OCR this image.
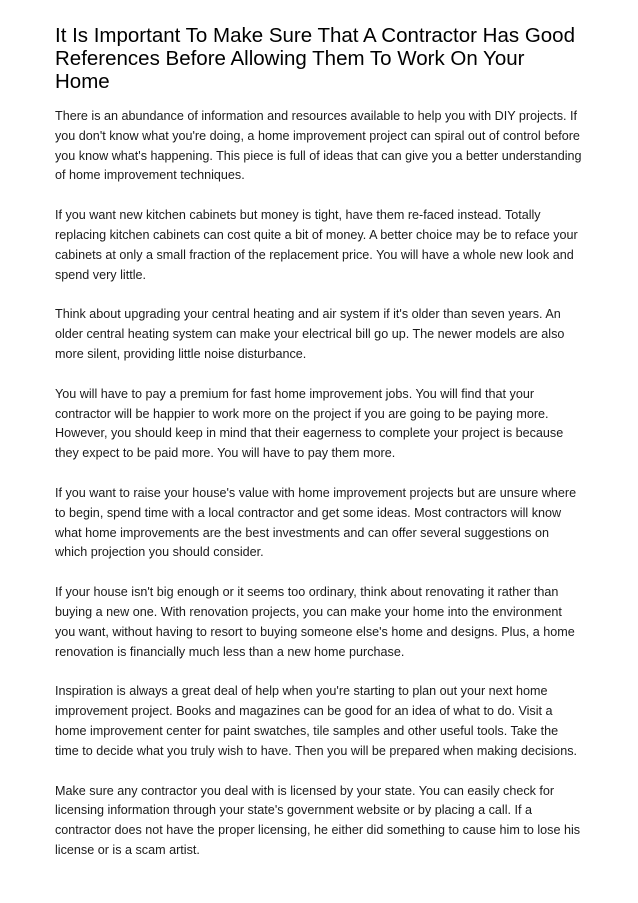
It Is Important To Make Sure That A Contractor Has Good References Before Allowing Them To Work On Your Home

There is an abundance of information and resources available to help you with DIY projects. If you don't know what you're doing, a home improvement project can spiral out of control before you know what's happening. This piece is full of ideas that can give you a better understanding of home improvement techniques.

If you want new kitchen cabinets but money is tight, have them re-faced instead. Totally replacing kitchen cabinets can cost quite a bit of money. A better choice may be to reface your cabinets at only a small fraction of the replacement price. You will have a whole new look and spend very little.

Think about upgrading your central heating and air system if it's older than seven years. An older central heating system can make your electrical bill go up. The newer models are also more silent, providing little noise disturbance.

You will have to pay a premium for fast home improvement jobs. You will find that your contractor will be happier to work more on the project if you are going to be paying more. However, you should keep in mind that their eagerness to complete your project is because they expect to be paid more. You will have to pay them more.

If you want to raise your house's value with home improvement projects but are unsure where to begin, spend time with a local contractor and get some ideas. Most contractors will know what home improvements are the best investments and can offer several suggestions on which projection you should consider.

If your house isn't big enough or it seems too ordinary, think about renovating it rather than buying a new one. With renovation projects, you can make your home into the environment you want, without having to resort to buying someone else's home and designs. Plus, a home renovation is financially much less than a new home purchase.

Inspiration is always a great deal of help when you're starting to plan out your next home improvement project. Books and magazines can be good for an idea of what to do. Visit a home improvement center for paint swatches, tile samples and other useful tools. Take the time to decide what you truly wish to have. Then you will be prepared when making decisions.

Make sure any contractor you deal with is licensed by your state. You can easily check for licensing information through your state's government website or by placing a call. If a contractor does not have the proper licensing, he either did something to cause him to lose his license or is a scam artist.
